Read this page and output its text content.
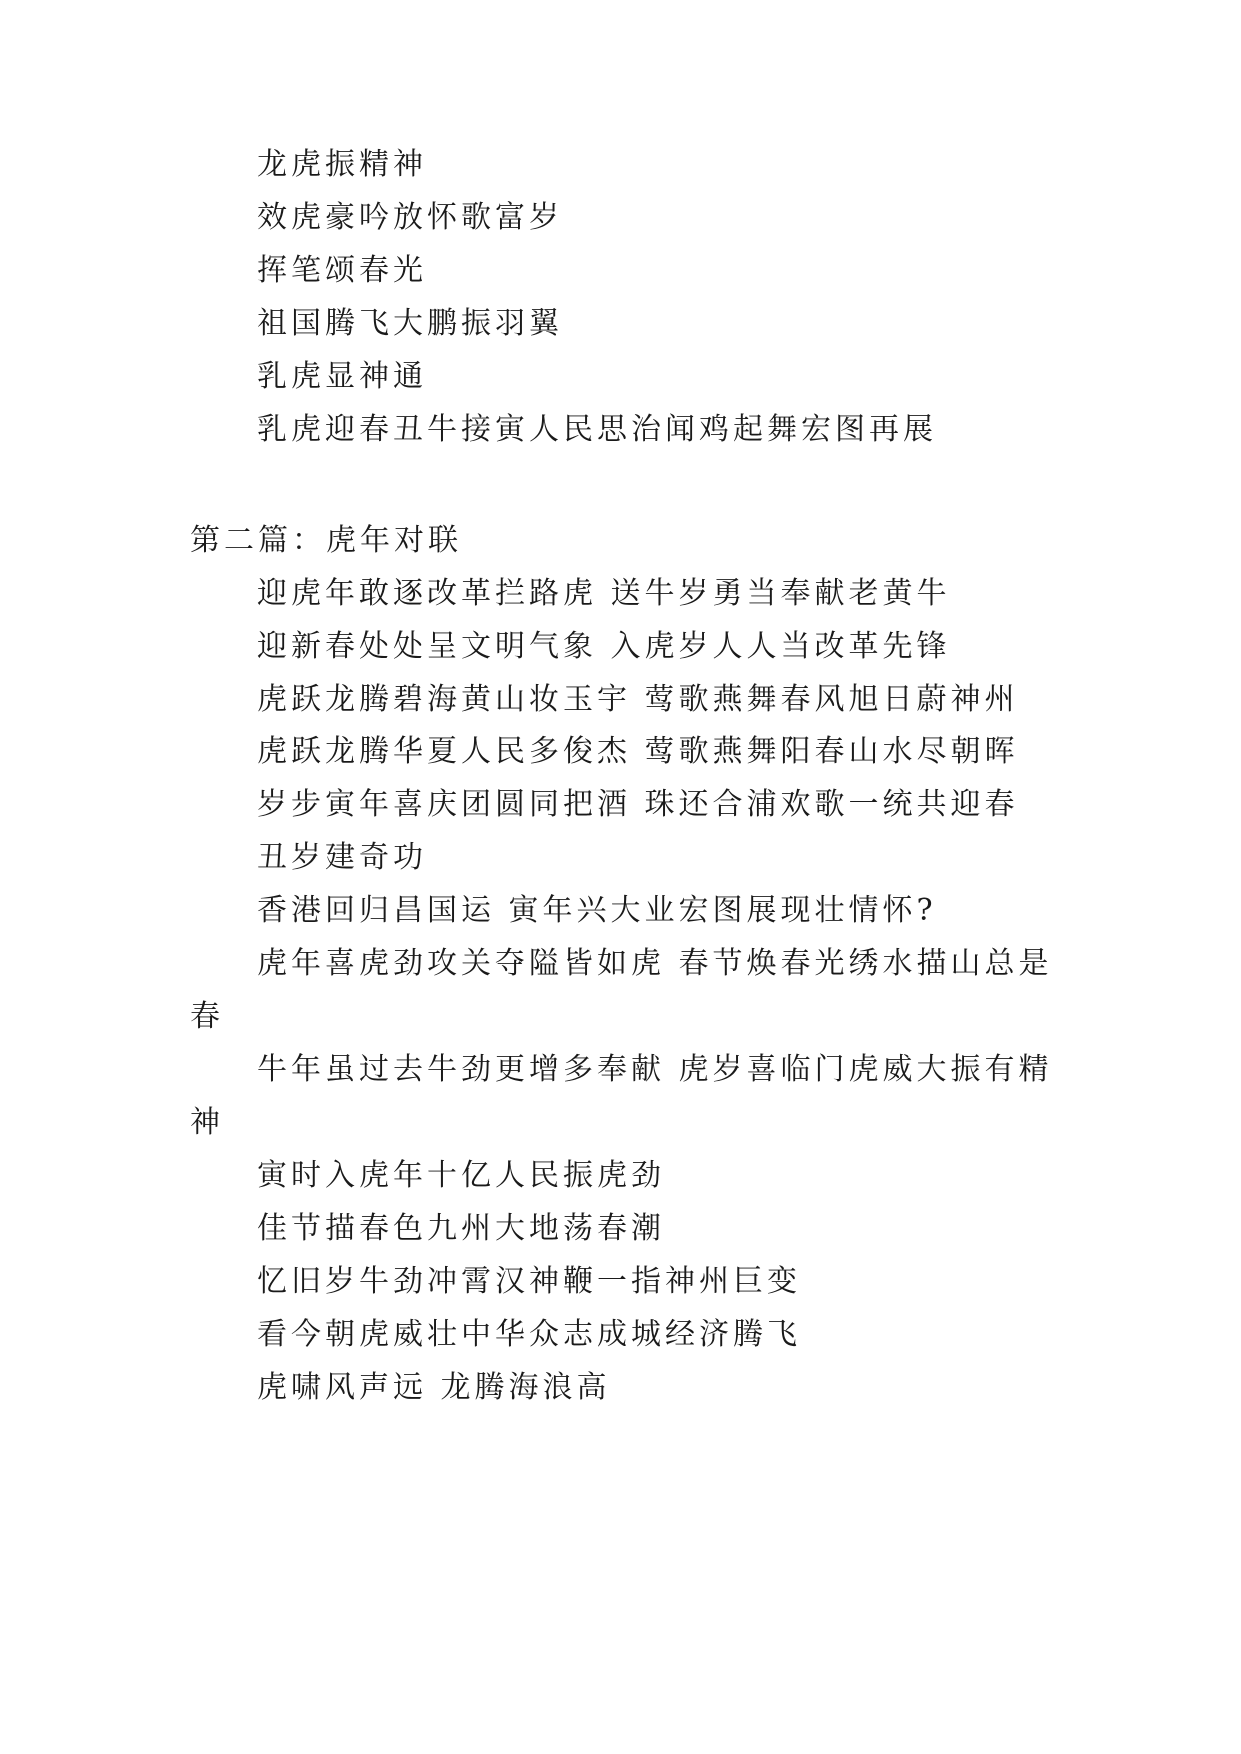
龙虎振精神

效虎豪吟放怀歌富岁

挥笔颂春光

祖国腾飞大鹏振羽翼

乳虎显神通

乳虎迎春丑牛接寅人民思治闻鸡起舞宏图再展

第二篇：虎年对联

迎虎年敢逐改革拦路虎 送牛岁勇当奉献老黄牛

迎新春处处呈文明气象 入虎岁人人当改革先锋

虎跃龙腾碧海黄山妆玉宇 莺歌燕舞春风旭日蔚神州

虎跃龙腾华夏人民多俊杰 莺歌燕舞阳春山水尽朝晖

岁步寅年喜庆团圆同把酒 珠还合浦欢歌一统共迎春

丑岁建奇功

香港回归昌国运 寅年兴大业宏图展现壮情怀?

虎年喜虎劲攻关夺隘皆如虎 春节焕春光绣水描山总是

春

牛年虽过去牛劲更增多奉献 虎岁喜临门虎威大振有精

神

寅时入虎年十亿人民振虎劲

佳节描春色九州大地荡春潮

忆旧岁牛劲冲霄汉神鞭一指神州巨变

看今朝虎威壮中华众志成城经济腾飞

虎啸风声远 龙腾海浪高
